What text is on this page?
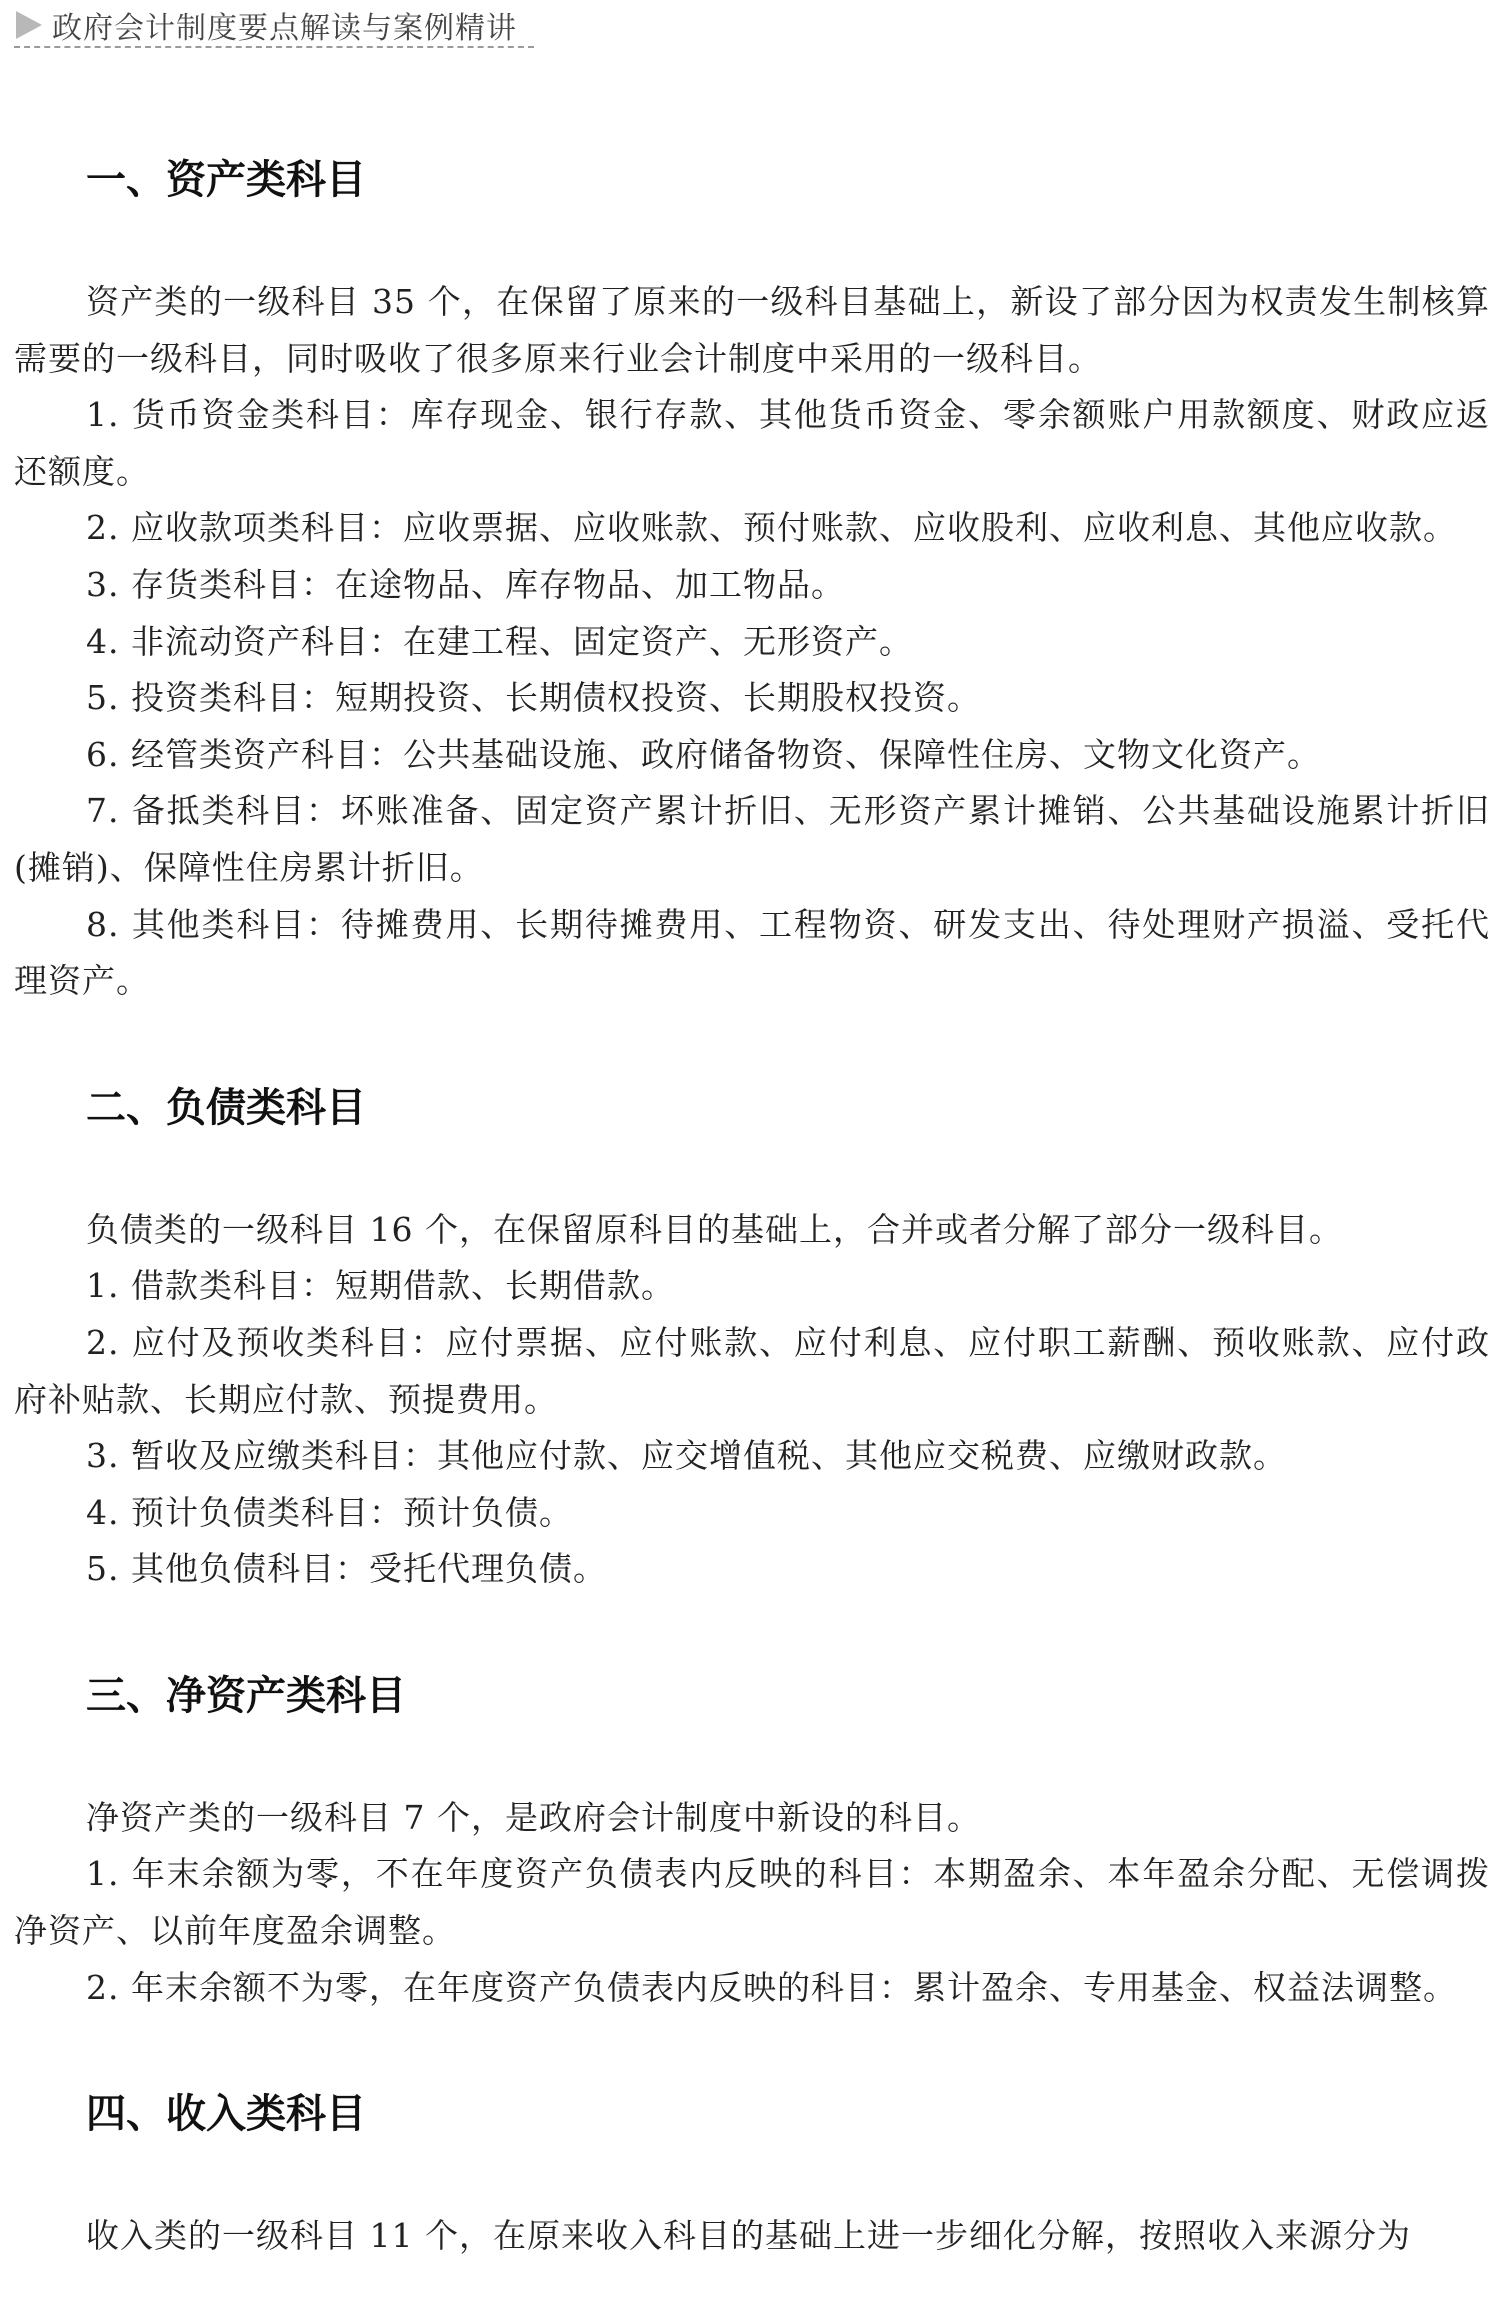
政府会计制度要点解读与案例精讲
一、资产类科目

资产类的一级科目 35 个，在保留了原来的一级科目基础上，新设了部分因为权责发生制核算需要的一级科目，同时吸收了很多原来行业会计制度中采用的一级科目。

1. 货币资金类科目：库存现金、银行存款、其他货币资金、零余额账户用款额度、财政应返还额度。

2. 应收款项类科目：应收票据、应收账款、预付账款、应收股利、应收利息、其他应收款。

3. 存货类科目：在途物品、库存物品、加工物品。

4. 非流动资产科目：在建工程、固定资产、无形资产。

5. 投资类科目：短期投资、长期债权投资、长期股权投资。

6. 经管类资产科目：公共基础设施、政府储备物资、保障性住房、文物文化资产。

7. 备抵类科目：坏账准备、固定资产累计折旧、无形资产累计摊销、公共基础设施累计折旧(摊销)、保障性住房累计折旧。

8. 其他类科目：待摊费用、长期待摊费用、工程物资、研发支出、待处理财产损溢、受托代理资产。

二、负债类科目

负债类的一级科目 16 个，在保留原科目的基础上，合并或者分解了部分一级科目。

1. 借款类科目：短期借款、长期借款。

2. 应付及预收类科目：应付票据、应付账款、应付利息、应付职工薪酬、预收账款、应付政府补贴款、长期应付款、预提费用。

3. 暂收及应缴类科目：其他应付款、应交增值税、其他应交税费、应缴财政款。

4. 预计负债类科目：预计负债。

5. 其他负债科目：受托代理负债。

三、净资产类科目

净资产类的一级科目 7 个，是政府会计制度中新设的科目。

1. 年末余额为零，不在年度资产负债表内反映的科目：本期盈余、本年盈余分配、无偿调拨净资产、以前年度盈余调整。

2. 年末余额不为零，在年度资产负债表内反映的科目：累计盈余、专用基金、权益法调整。

四、收入类科目

收入类的一级科目 11 个，在原来收入科目的基础上进一步细化分解，按照收入来源分为
